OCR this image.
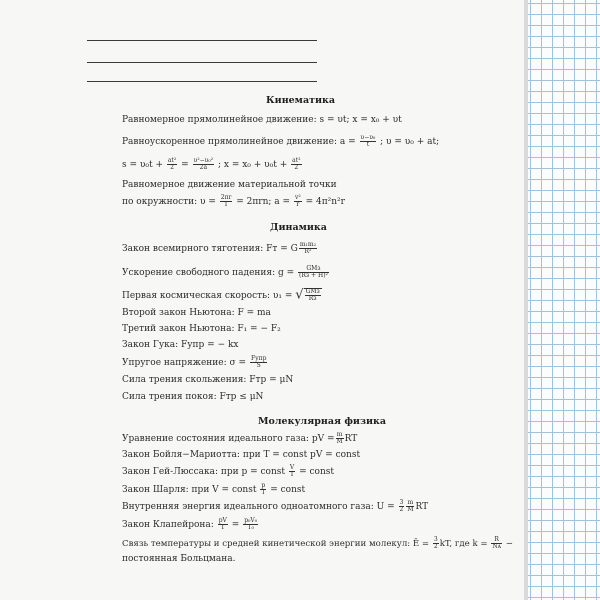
Кинематика
Равномерное прямолинейное движение: s = υt; x = x₀ + υt
Равноускоренное прямолинейное движение: $a = \frac{\text{υ−υ₀}}{t}$ ; υ = υ₀ + at;
$s = \upsilon_0t + \frac{\text{at²}}{2} = \frac{\text{υ²−υ₀²}}{2a}$ ; $x = x_0 + \upsilon_0t + \frac{\text{at²}}{2}$
Равномерное движение материальной точки
по окружности: $\upsilon = \frac{2\pi r}{T} = 2\pi rn$; $a = \frac{\text{v²}}{r} = 4\pi^2n^2r$
Динамика
Закон всемирного тяготения: Fт = G $\frac{\text{m₁m₂}}{\text{R²}}$
Ускорение свободного падения: $g = \frac{\text{GMз}}{\text{(Rз + H)²}}$
Первая космическая скорость: υ₁ = √ $\frac{\text{GMз}}{Rз}$
Второй закон Ньютона: F = ma
Третий закон Ньютона: F₁ = − F₂
Закон Гука: Fупр = − kx
Упругое напряжение: $\sigma = \frac{\text{Fупр}}{S}$
Сила трения скольжения: Fтр = μN
Сила трения покоя: Fтр ≤ μN
Молекулярная физика
Уравнение состояния идеального газа: pV = $\frac{m}{M}$ RT
Закон Бойля−Мариотта: при T = const pV = const
Закон Гей-Люссака: при p = const $\frac{V}{T}$ = const
Закон Шарля: при V = const $\frac{p}{T}$ = const
Внутренняя энергия идеального одноатомного газа: $U = \frac{3}{2} \frac{m}{M}$ RT
Закон Клапейрона: $\frac{pV}{T} = \frac{\text{p₀V₀}}{\text{T₀}}$
Связь температуры и средней кинетической энергии молекул: Ē = $\frac{3}{2}$ kT, где $k = \frac{R}{\text{Nᴀ}}$ −
постоянная Больцмана.
